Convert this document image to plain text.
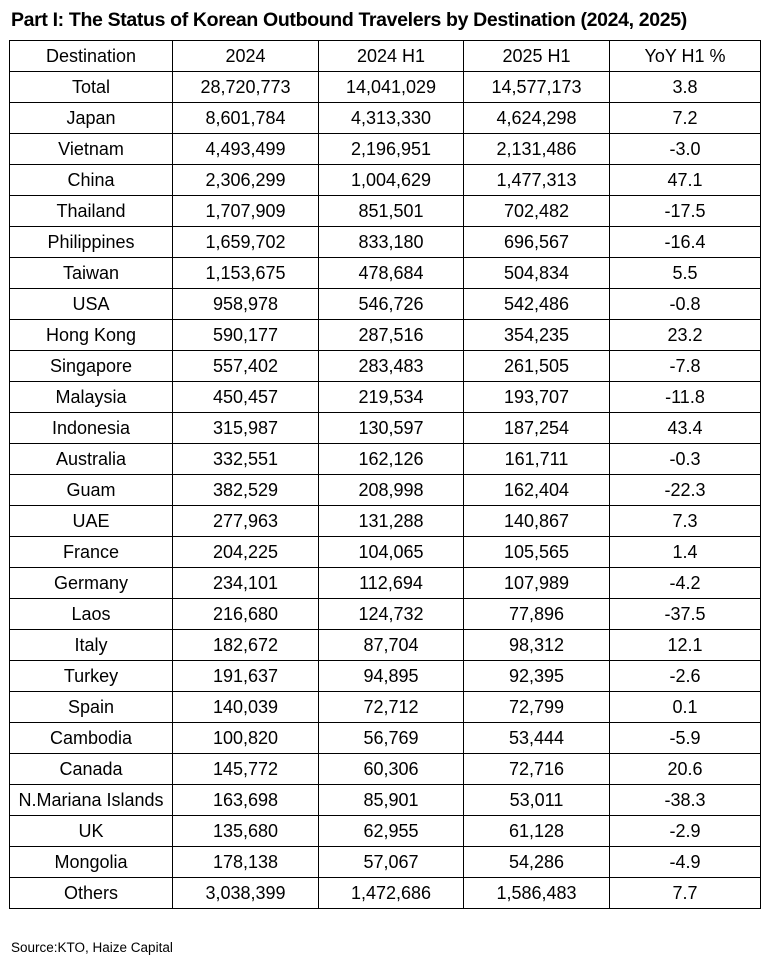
Part I: The Status of Korean Outbound Travelers by Destination (2024, 2025)
Destination	2024	2024 H1	2025 H1	YoY H1 %
Total	28,720,773	14,041,029	14,577,173	3.8
Japan	8,601,784	4,313,330	4,624,298	7.2
Vietnam	4,493,499	2,196,951	2,131,486	-3.0
China	2,306,299	1,004,629	1,477,313	47.1
Thailand	1,707,909	851,501	702,482	-17.5
Philippines	1,659,702	833,180	696,567	-16.4
Taiwan	1,153,675	478,684	504,834	5.5
USA	958,978	546,726	542,486	-0.8
Hong Kong	590,177	287,516	354,235	23.2
Singapore	557,402	283,483	261,505	-7.8
Malaysia	450,457	219,534	193,707	-11.8
Indonesia	315,987	130,597	187,254	43.4
Australia	332,551	162,126	161,711	-0.3
Guam	382,529	208,998	162,404	-22.3
UAE	277,963	131,288	140,867	7.3
France	204,225	104,065	105,565	1.4
Germany	234,101	112,694	107,989	-4.2
Laos	216,680	124,732	77,896	-37.5
Italy	182,672	87,704	98,312	12.1
Turkey	191,637	94,895	92,395	-2.6
Spain	140,039	72,712	72,799	0.1
Cambodia	100,820	56,769	53,444	-5.9
Canada	145,772	60,306	72,716	20.6
N.Mariana Islands	163,698	85,901	53,011	-38.3
UK	135,680	62,955	61,128	-2.9
Mongolia	178,138	57,067	54,286	-4.9
Others	3,038,399	1,472,686	1,586,483	7.7
Source:KTO, Haize Capital
